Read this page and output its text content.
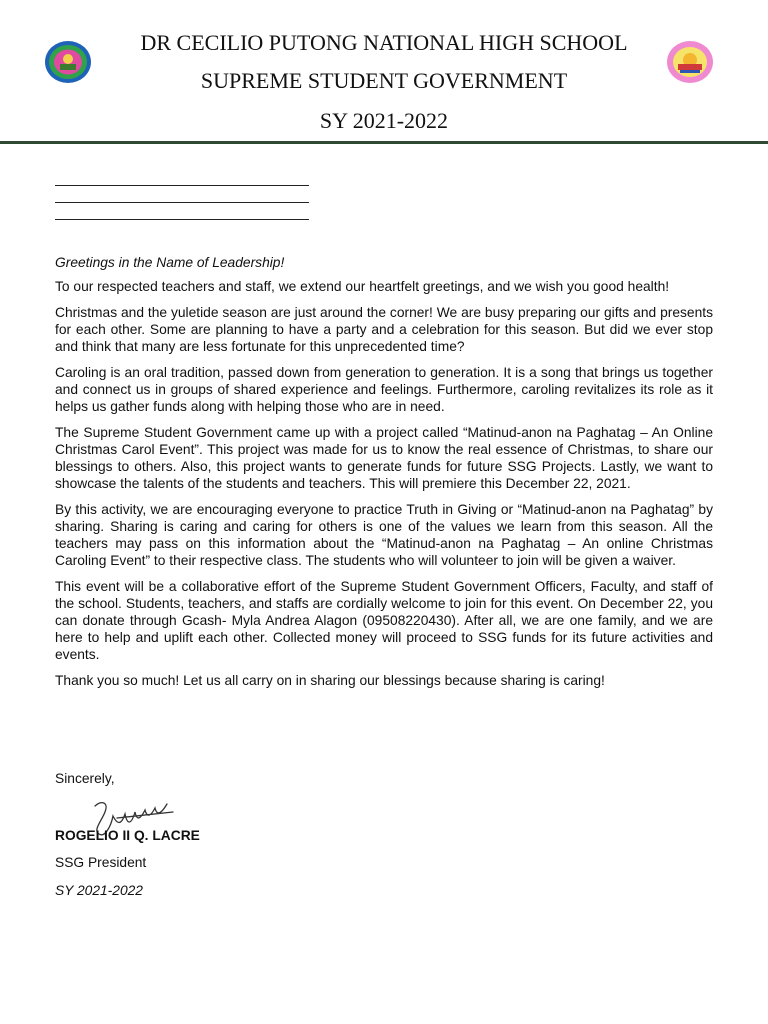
DR CECILIO PUTONG NATIONAL HIGH SCHOOL
SUPREME STUDENT GOVERNMENT
SY 2021-2022
Greetings in the Name of Leadership!
To our respected teachers and staff, we extend our heartfelt greetings, and we wish you good health!
Christmas and the yuletide season are just around the corner! We are busy preparing our gifts and presents for each other. Some are planning to have a party and a celebration for this season. But did we ever stop and think that many are less fortunate for this unprecedented time?
Caroling is an oral tradition, passed down from generation to generation. It is a song that brings us together and connect us in groups of shared experience and feelings. Furthermore, caroling revitalizes its role as it helps us gather funds along with helping those who are in need.
The Supreme Student Government came up with a project called “Matinud-anon na Paghatag – An Online Christmas Carol Event”. This project was made for us to know the real essence of Christmas, to share our blessings to others. Also, this project wants to generate funds for future SSG Projects. Lastly, we want to showcase the talents of the students and teachers. This will premiere this December 22, 2021.
By this activity, we are encouraging everyone to practice Truth in Giving or “Matinud-anon na Paghatag” by sharing. Sharing is caring and caring for others is one of the values we learn from this season. All the teachers may pass on this information about the “Matinud-anon na Paghatag – An online Christmas Caroling Event” to their respective class. The students who will volunteer to join will be given a waiver.
This event will be a collaborative effort of the Supreme Student Government Officers, Faculty, and staff of the school. Students, teachers, and staffs are cordially welcome to join for this event. On December 22, you can donate through Gcash- Myla Andrea Alagon (09508220430). After all, we are one family, and we are here to help and uplift each other. Collected money will proceed to SSG funds for its future activities and events.
Thank you so much! Let us all carry on in sharing our blessings because sharing is caring!
Sincerely,
ROGELIO II Q. LACRE
SSG President
SY 2021-2022
